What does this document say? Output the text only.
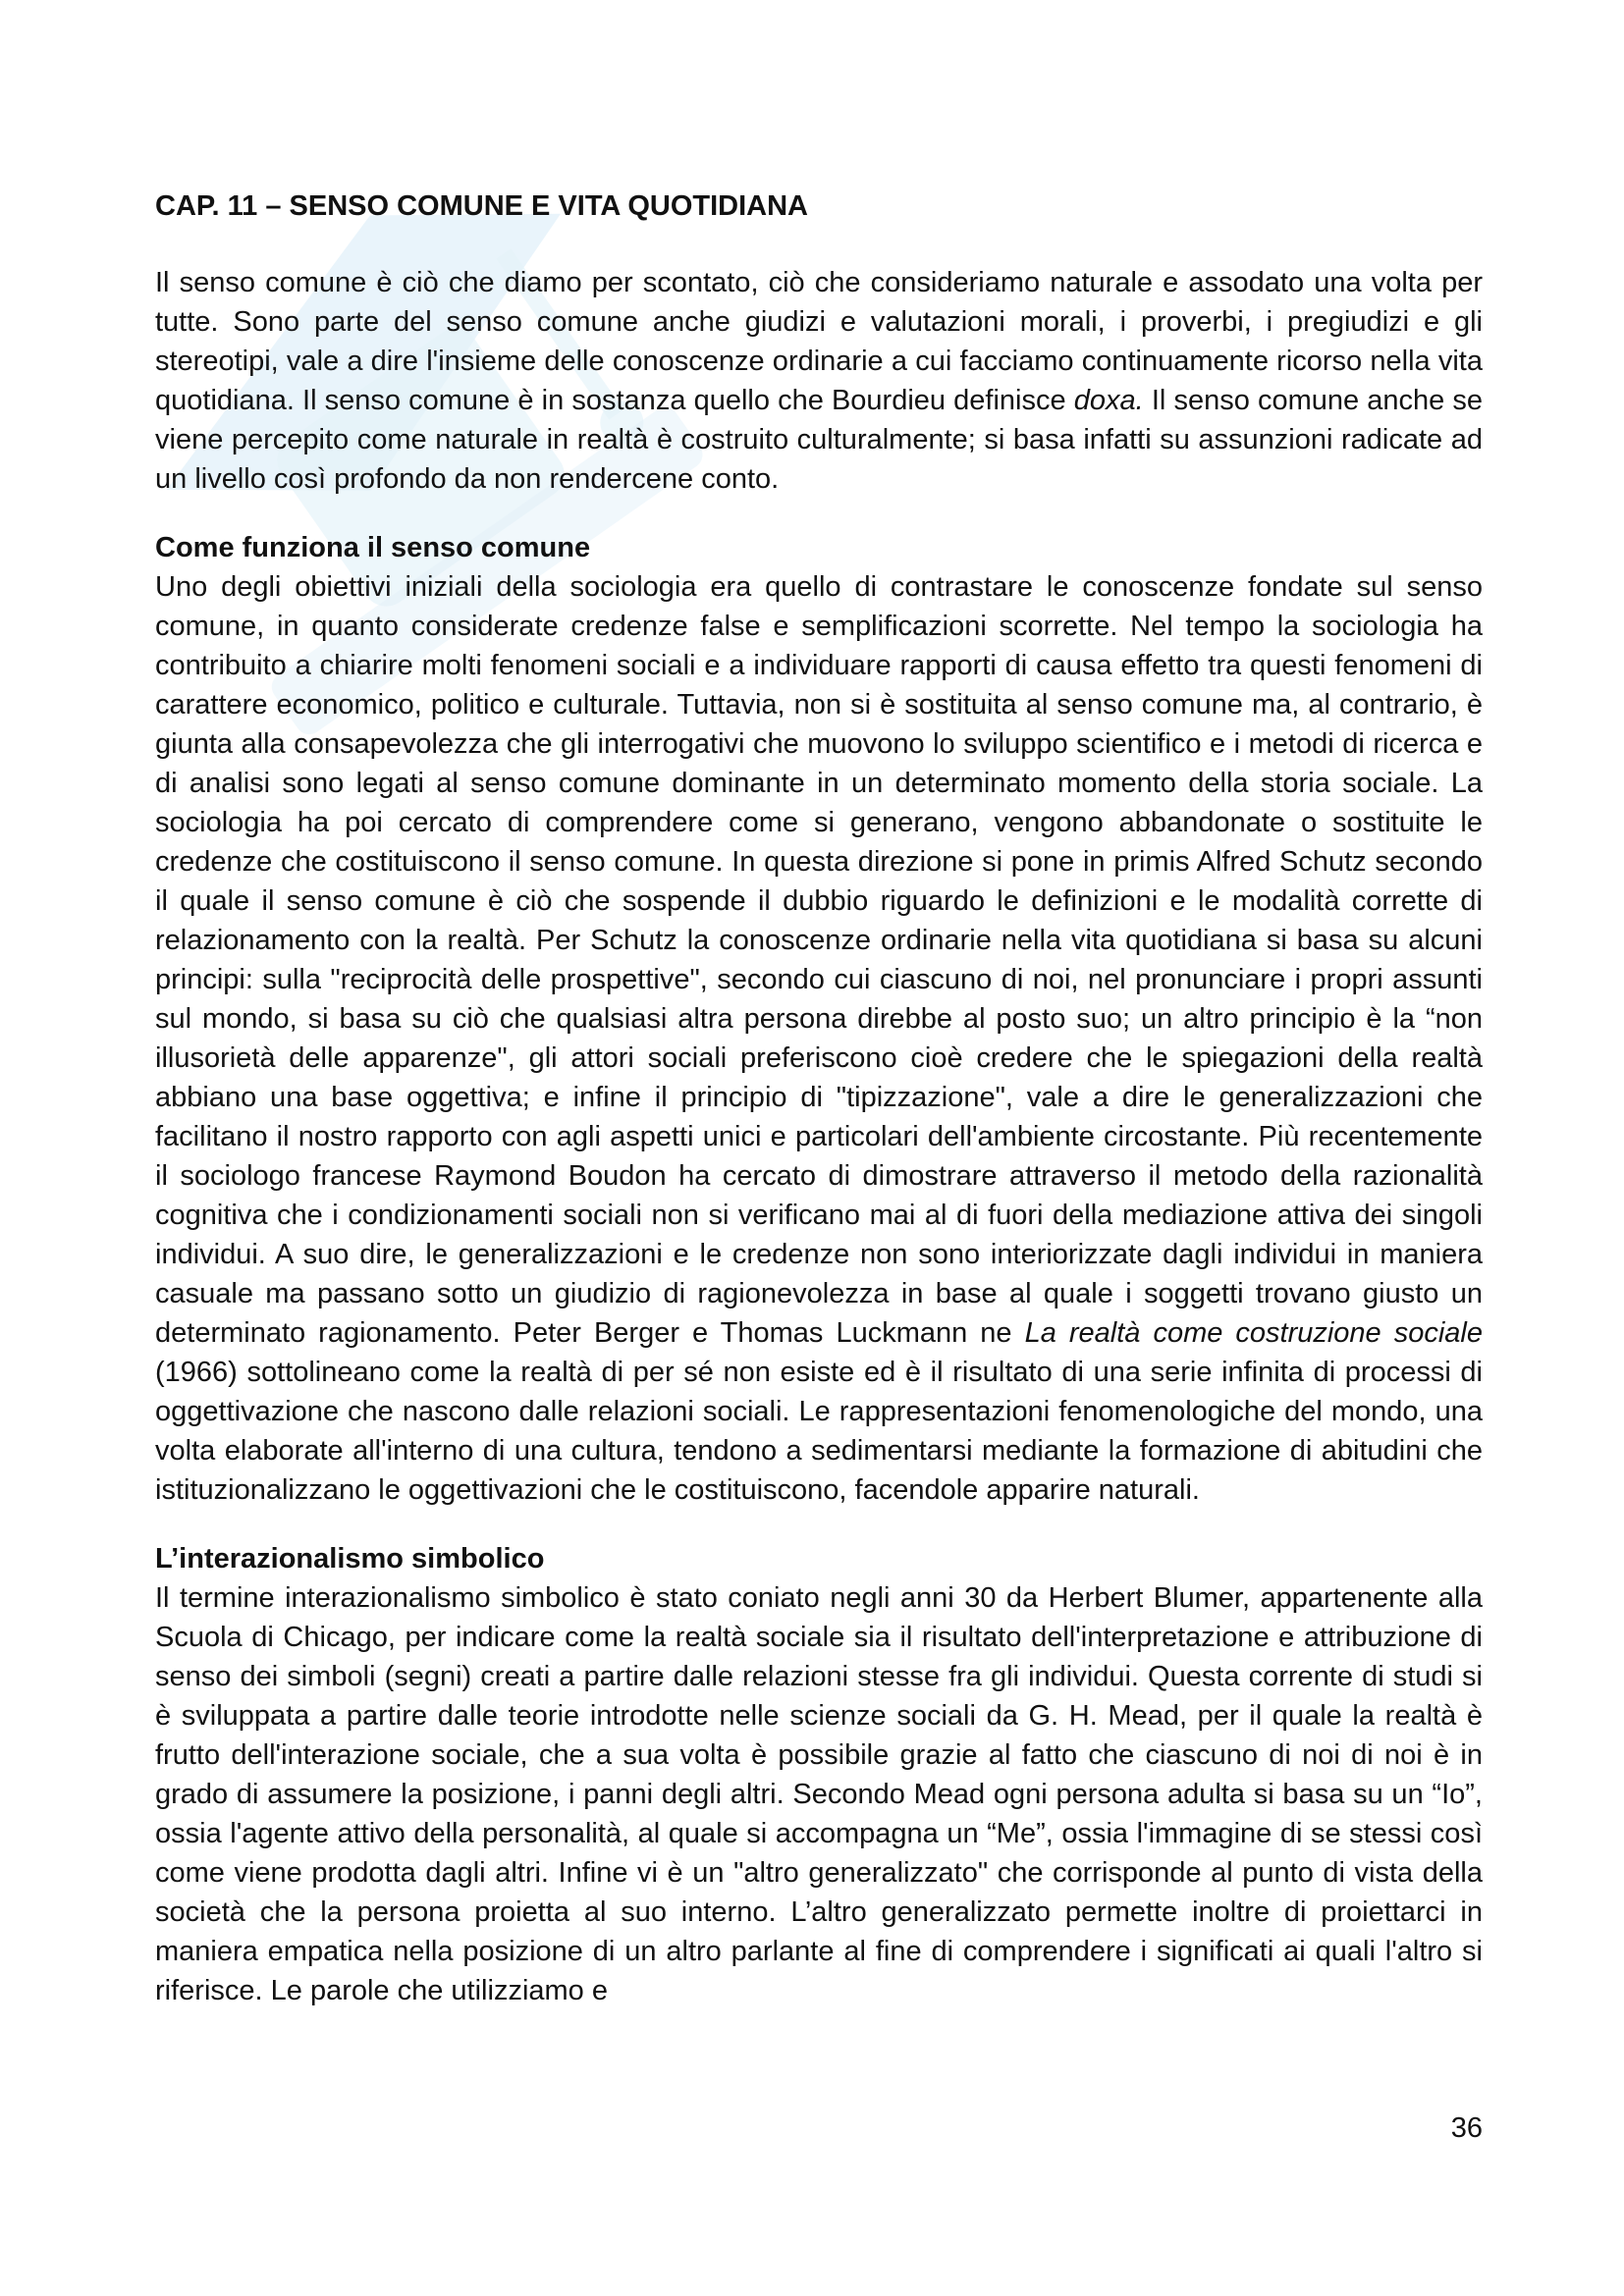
CAP. 11 – SENSO COMUNE E VITA QUOTIDIANA

Il senso comune è ciò che diamo per scontato, ciò che consideriamo naturale e assodato una volta per tutte. Sono parte del senso comune anche giudizi e valutazioni morali, i proverbi, i pregiudizi e gli stereotipi, vale a dire l'insieme delle conoscenze ordinarie a cui facciamo continuamente ricorso nella vita quotidiana. Il senso comune è in sostanza quello che Bourdieu definisce doxa. Il senso comune anche se viene percepito come naturale in realtà è costruito culturalmente; si basa infatti su assunzioni radicate ad un livello così profondo da non rendercene conto.

Come funziona il senso comune

Uno degli obiettivi iniziali della sociologia era quello di contrastare le conoscenze fondate sul senso comune, in quanto considerate credenze false e semplificazioni scorrette. Nel tempo la sociologia ha contribuito a chiarire molti fenomeni sociali e a individuare rapporti di causa effetto tra questi fenomeni di carattere economico, politico e culturale. Tuttavia, non si è sostituita al senso comune ma, al contrario, è giunta alla consapevolezza che gli interrogativi che muovono lo sviluppo scientifico e i metodi di ricerca e di analisi sono legati al senso comune dominante in un determinato momento della storia sociale. La sociologia ha poi cercato di comprendere come si generano, vengono abbandonate o sostituite le credenze che costituiscono il senso comune. In questa direzione si pone in primis Alfred Schutz secondo il quale il senso comune è ciò che sospende il dubbio riguardo le definizioni e le modalità corrette di relazionamento con la realtà. Per Schutz la conoscenze ordinarie nella vita quotidiana si basa su alcuni principi: sulla "reciprocità delle prospettive", secondo cui ciascuno di noi, nel pronunciare i propri assunti sul mondo, si basa su ciò che qualsiasi altra persona direbbe al posto suo; un altro principio è la “non illusorietà delle apparenze", gli attori sociali preferiscono cioè credere che le spiegazioni della realtà abbiano una base oggettiva; e infine il principio di "tipizzazione", vale a dire le generalizzazioni che facilitano il nostro rapporto con agli aspetti unici e particolari dell'ambiente circostante. Più recentemente il sociologo francese Raymond Boudon ha cercato di dimostrare attraverso il metodo della razionalità cognitiva che i condizionamenti sociali non si verificano mai al di fuori della mediazione attiva dei singoli individui. A suo dire, le generalizzazioni e le credenze non sono interiorizzate dagli individui in maniera casuale ma passano sotto un giudizio di ragionevolezza in base al quale i soggetti trovano giusto un determinato ragionamento. Peter Berger e Thomas Luckmann ne La realtà come costruzione sociale (1966) sottolineano come la realtà di per sé non esiste ed è il risultato di una serie infinita di processi di oggettivazione che nascono dalle relazioni sociali. Le rappresentazioni fenomenologiche del mondo, una volta elaborate all'interno di una cultura, tendono a sedimentarsi mediante la formazione di abitudini che istituzionalizzano le oggettivazioni che le costituiscono, facendole apparire naturali.

L’interazionalismo simbolico

Il termine interazionalismo simbolico è stato coniato negli anni 30 da Herbert Blumer, appartenente alla Scuola di Chicago, per indicare come la realtà sociale sia il risultato dell'interpretazione e attribuzione di senso dei simboli (segni) creati a partire dalle relazioni stesse fra gli individui. Questa corrente di studi si è sviluppata a partire dalle teorie introdotte nelle scienze sociali da G. H. Mead, per il quale la realtà è frutto dell'interazione sociale, che a sua volta è possibile grazie al fatto che ciascuno di noi di noi è in grado di assumere la posizione, i panni degli altri. Secondo Mead ogni persona adulta si basa su un “Io”, ossia l'agente attivo della personalità, al quale si accompagna un “Me”, ossia l'immagine di se stessi così come viene prodotta dagli altri. Infine vi è un "altro generalizzato" che corrisponde al punto di vista della società che la persona proietta al suo interno. L’altro generalizzato permette inoltre di proiettarci in maniera empatica nella posizione di un altro parlante al fine di comprendere i significati ai quali l'altro si riferisce. Le parole che utilizziamo e

36
